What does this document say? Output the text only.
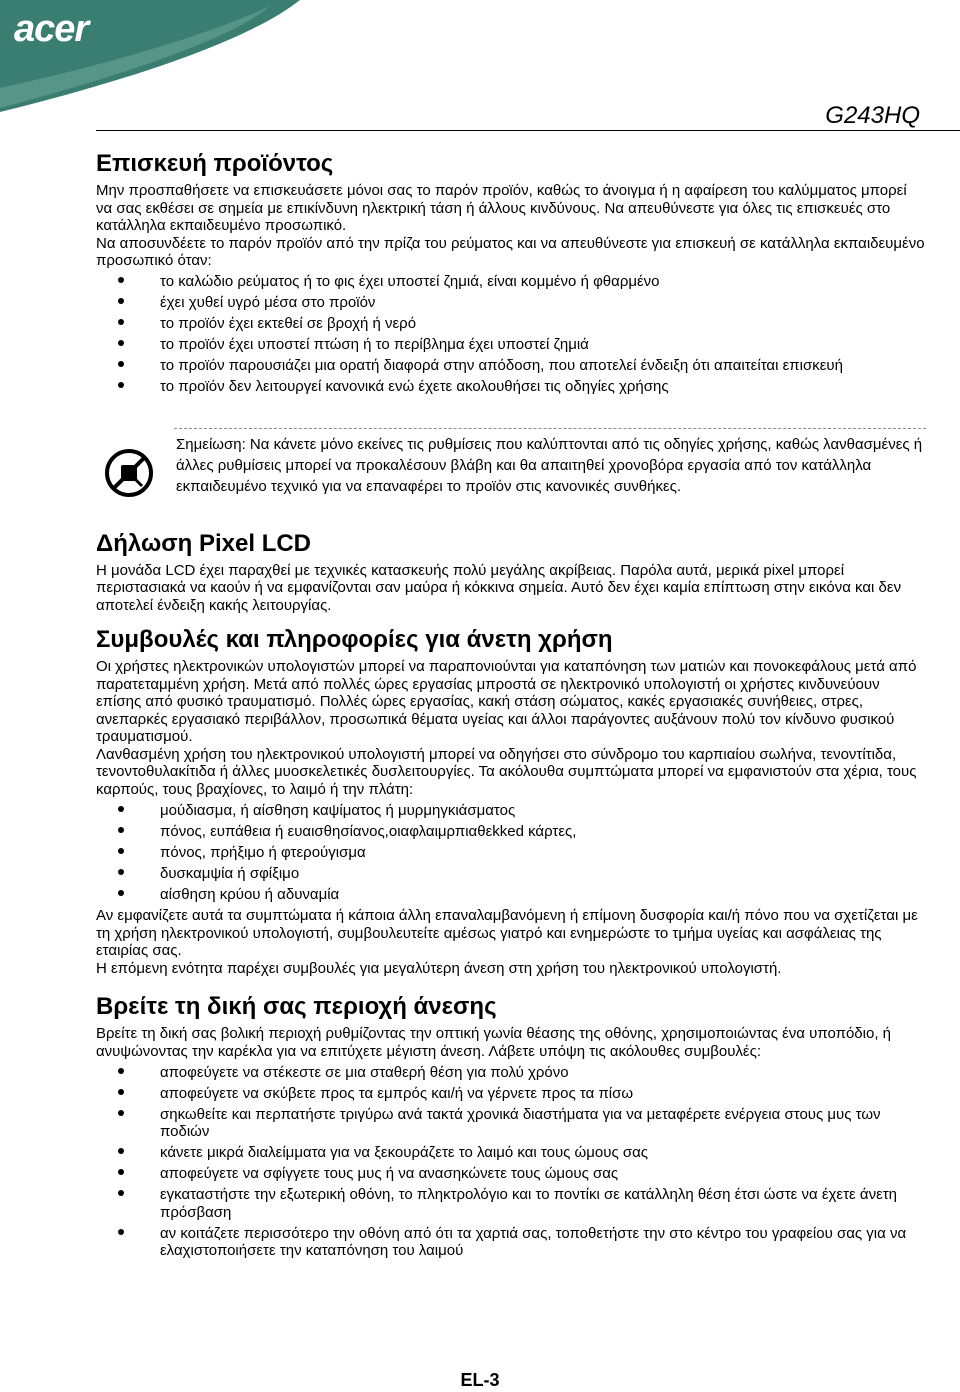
acer
G243HQ
Επισκευή προϊόντος

Μην προσπαθήσετε να επισκευάσετε μόνοι σας το παρόν προϊόν, καθώς το άνοιγμα ή η αφαίρεση του καλύμματος μπορεί να σας εκθέσει σε σημεία με επικίνδυνη ηλεκτρική τάση ή άλλους κινδύνους. Να απευθύνεστε για όλες τις επισκευές στο κατάλληλα εκπαιδευμένο προσωπικό.

Να αποσυνδέετε το παρόν προϊόν από την πρίζα του ρεύματος και να απευθύνεστε για επισκευή σε κατάλληλα εκπαιδευμένο προσωπικό όταν:

το καλώδιο ρεύματος ή το φις έχει υποστεί ζημιά, είναι κομμένο ή φθαρμένο
έχει χυθεί υγρό μέσα στο προϊόν
το προϊόν έχει εκτεθεί σε βροχή ή νερό
το προϊόν έχει υποστεί πτώση ή το περίβλημα έχει υποστεί ζημιά
το προϊόν παρουσιάζει μια ορατή διαφορά στην απόδοση, που αποτελεί ένδειξη ότι απαιτείται επισκευή
το προϊόν δεν λειτουργεί κανονικά ενώ έχετε ακολουθήσει τις οδηγίες χρήσης

Σημείωση: Να κάνετε μόνο εκείνες τις ρυθμίσεις που καλύπτονται από τις οδηγίες χρήσης, καθώς λανθασμένες ή άλλες ρυθμίσεις μπορεί να προκαλέσουν βλάβη και θα απαιτηθεί χρονοβόρα εργασία από τον κατάλληλα εκπαιδευμένο τεχνικό για να επαναφέρει το προϊόν στις κανονικές συνθήκες.

Δήλωση Pixel LCD

Η μονάδα LCD έχει παραχθεί με τεχνικές κατασκευής πολύ μεγάλης ακρίβειας. Παρόλα αυτά, μερικά pixel μπορεί περιστασιακά να καούν ή να εμφανίζονται σαν μαύρα ή κόκκινα σημεία. Αυτό δεν έχει καμία επίπτωση στην εικόνα και δεν αποτελεί ένδειξη κακής λειτουργίας.

Συμβουλές και πληροφορίες για άνετη χρήση

Οι χρήστες ηλεκτρονικών υπολογιστών μπορεί να παραπονιούνται για καταπόνηση των ματιών και πονοκεφάλους μετά από παρατεταμμένη χρήση. Μετά από πολλές ώρες εργασίας μπροστά σε ηλεκτρονικό υπολογιστή οι χρήστες κινδυνεύουν επίσης από φυσικό τραυματισμό. Πολλές ώρες εργασίας, κακή στάση σώματος, κακές εργασιακές συνήθειες, στρες, ανεπαρκές εργασιακό περιβάλλον, προσωπικά θέματα υγείας και άλλοι παράγοντες αυξάνουν πολύ τον κίνδυνο φυσικού τραυματισμού.

Λανθασμένη χρήση του ηλεκτρονικού υπολογιστή μπορεί να οδηγήσει στο σύνδρομο του καρπιαίου σωλήνα, τενοντίτιδα, τενοντοθυλακίτιδα ή άλλες μυοσκελετικές δυσλειτουργίες. Τα ακόλουθα συμπτώματα μπορεί να εμφανιστούν στα χέρια, τους καρπούς, τους βραχίονες, το λαιμό ή την πλάτη:

μούδιασμα, ή αίσθηση καψίματος ή μυρμηγκιάσματος
πόνος, ευπάθεια ή ευαισθησίανος,οιαφλαιμρπιαθεkked κάρτες,
πόνος, πρήξιμο ή φτερούγισμα
δυσκαμψία ή σφίξιμο
αίσθηση κρύου ή αδυναμία

Αν εμφανίζετε αυτά τα συμπτώματα ή κάποια άλλη επαναλαμβανόμενη ή επίμονη δυσφορία και/ή πόνο που να σχετίζεται με τη χρήση ηλεκτρονικού υπολογιστή, συμβουλευτείτε αμέσως γιατρό και ενημερώστε το τμήμα υγείας και ασφάλειας της εταιρίας σας.

Η επόμενη ενότητα παρέχει συμβουλές για μεγαλύτερη άνεση στη χρήση του ηλεκτρονικού υπολογιστή.

Βρείτε τη δική σας περιοχή άνεσης

Βρείτε τη δική σας βολική περιοχή ρυθμίζοντας την οπτική γωνία θέασης της οθόνης, χρησιμοποιώντας ένα υποπόδιο, ή ανυψώνοντας την καρέκλα για να επιτύχετε μέγιστη άνεση. Λάβετε υπόψη τις ακόλουθες συμβουλές:

αποφεύγετε να στέκεστε σε μια σταθερή θέση για πολύ χρόνο
αποφεύγετε να σκύβετε προς τα εμπρός και/ή να γέρνετε προς τα πίσω
σηκωθείτε και περπατήστε τριγύρω ανά τακτά χρονικά διαστήματα για να μεταφέρετε ενέργεια στους μυς των ποδιών
κάνετε μικρά διαλείμματα για να ξεκουράζετε το λαιμό και τους ώμους σας
αποφεύγετε να σφίγγετε τους μυς ή να ανασηκώνετε τους ώμους σας
εγκαταστήστε την εξωτερική οθόνη, το πληκτρολόγιο και το ποντίκι σε κατάλληλη θέση έτσι ώστε να έχετε άνετη πρόσβαση
αν κοιτάζετε περισσότερο την οθόνη από ότι τα χαρτιά σας, τοποθετήστε την στο κέντρο του γραφείου σας για να ελαχιστοποιήσετε την καταπόνηση του λαιμού
EL-3
